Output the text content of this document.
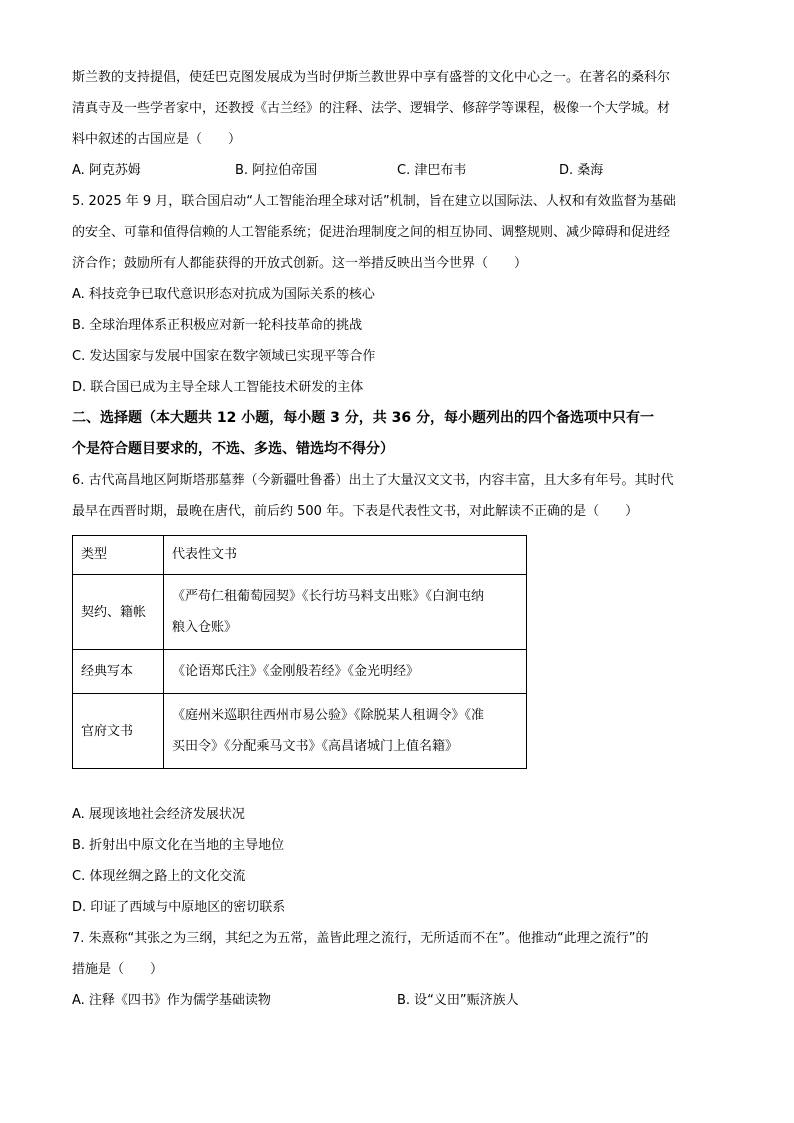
斯兰教的支持提倡，使廷巴克图发展成为当时伊斯兰教世界中享有盛誉的文化中心之一。在著名的桑科尔

清真寺及一些学者家中，还教授《古兰经》的注释、法学、逻辑学、修辞学等课程，极像一个大学城。材

料中叙述的古国应是（　　）

A. 阿克苏姆	B. 阿拉伯帝国	C. 津巴布韦	D. 桑海

5. 2025 年 9 月，联合国启动“人工智能治理全球对话”机制，旨在建立以国际法、人权和有效监督为基础

的安全、可靠和值得信赖的人工智能系统；促进治理制度之间的相互协同、调整规则、减少障碍和促进经

济合作；鼓励所有人都能获得的开放式创新。这一举措反映出当今世界（　　）

A. 科技竞争已取代意识形态对抗成为国际关系的核心

B. 全球治理体系正积极应对新一轮科技革命的挑战

C. 发达国家与发展中国家在数字领域已实现平等合作

D. 联合国已成为主导全球人工智能技术研发的主体

二、选择题（本大题共 12 小题，每小题 3 分，共 36 分，每小题列出的四个备选项中只有一

个是符合题目要求的，不选、多选、错选均不得分）

6. 古代高昌地区阿斯塔那墓葬（今新疆吐鲁番）出土了大量汉文文书，内容丰富，且大多有年号。其时代

最早在西晋时期，最晚在唐代，前后约 500 年。下表是代表性文书，对此解读不正确的是（　　）

类型	代表性文书
契约、籍帐	《严苟仁租葡萄园契》《长行坊马料支出账》《白涧屯纳
粮入仓账》

经典写本	《论语郑氏注》《金刚般若经》《金光明经》

官府文书	《庭州米巡职往西州市易公验》《除脱某人租调令》《准
买田令》《分配乘马文书》《高昌诸城门上值名籍》

A. 展现该地社会经济发展状况

B. 折射出中原文化在当地的主导地位

C. 体现丝绸之路上的文化交流

D. 印证了西域与中原地区的密切联系

7. 朱熹称“其张之为三纲，其纪之为五常，盖皆此理之流行，无所适而不在”。他推动“此理之流行”的

措施是（　　）

A. 注释《四书》作为儒学基础读物	B. 设“义田”赈济族人
